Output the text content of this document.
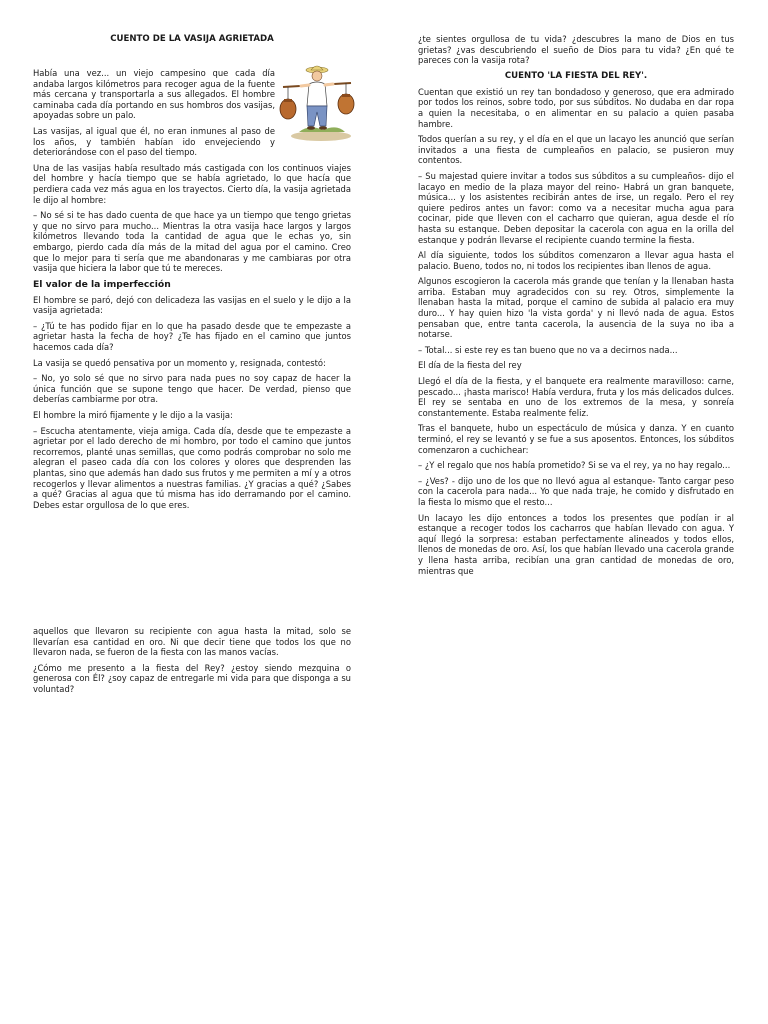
CUENTO DE LA VASIJA AGRIETADA

Había una vez... un viejo campesino que cada día andaba largos kilómetros para recoger agua de la fuente más cercana y transportarla a sus allegados. El hombre caminaba cada día portando en sus hombros dos vasijas, apoyadas sobre un palo.

Las vasijas, al igual que él, no eran inmunes al paso de los años, y también habían ido envejeciendo y deteriorándose con el paso del tiempo.

Una de las vasijas había resultado más castigada con los continuos viajes del hombre y hacía tiempo que se había agrietado, lo que hacía que perdiera cada vez más agua en los trayectos. Cierto día, la vasija agrietada le dijo al hombre:

– No sé si te has dado cuenta de que hace ya un tiempo que tengo grietas y que no sirvo para mucho... Mientras la otra vasija hace largos y largos kilómetros llevando toda la cantidad de agua que le echas yo, sin embargo, pierdo cada día más de la mitad del agua por el camino. Creo que lo mejor para ti sería que me abandonaras y me cambiaras por otra vasija que hiciera la labor que tú te mereces.

El valor de la imperfección

El hombre se paró, dejó con delicadeza las vasijas en el suelo y le dijo a la vasija agrietada:

– ¿Tú te has podido fijar en lo que ha pasado desde que te empezaste a agrietar hasta la fecha de hoy? ¿Te has fijado en el camino que juntos hacemos cada día?

La vasija se quedó pensativa por un momento y, resignada, contestó:

– No, yo solo sé que no sirvo para nada pues no soy capaz de hacer la única función que se supone tengo que hacer. De verdad, pienso que deberías cambiarme por otra.

El hombre la miró fijamente y le dijo a la vasija:

– Escucha atentamente, vieja amiga. Cada día, desde que te empezaste a agrietar por el lado derecho de mi hombro, por todo el camino que juntos recorremos, planté unas semillas, que como podrás comprobar no solo me alegran el paseo cada día con los colores y olores que desprenden las plantas, sino que además han dado sus frutos y me permiten a mí y a otros recogerlos y llevar alimentos a nuestras familias. ¿Y gracias a qué? ¿Sabes a qué? Gracias al agua que tú misma has ido derramando por el camino. Debes estar orgullosa de lo que eres.

¿te sientes orgullosa de tu vida? ¿descubres la mano de Dios en tus grietas? ¿vas descubriendo el sueño de Dios para tu vida? ¿En qué te pareces con la vasija rota?

CUENTO 'LA FIESTA DEL REY'.

Cuentan que existió un rey tan bondadoso y generoso, que era admirado por todos los reinos, sobre todo, por sus súbditos. No dudaba en dar ropa a quien la necesitaba, o en alimentar en su palacio a quien pasaba hambre.

Todos querían a su rey, y el día en el que un lacayo les anunció que serían invitados a una fiesta de cumpleaños en palacio, se pusieron muy contentos.

– Su majestad quiere invitar a todos sus súbditos a su cumpleaños- dijo el lacayo en medio de la plaza mayor del reino- Habrá un gran banquete, música... y los asistentes recibirán antes de irse, un regalo. Pero el rey quiere pediros antes un favor: como va a necesitar mucha agua para cocinar, pide que lleven con el cacharro que quieran, agua desde el río hasta su estanque. Deben depositar la cacerola con agua en la orilla del estanque y podrán llevarse el recipiente cuando termine la fiesta.

Al día siguiente, todos los súbditos comenzaron a llevar agua hasta el palacio. Bueno, todos no, ni todos los recipientes iban llenos de agua.

Algunos escogieron la cacerola más grande que tenían y la llenaban hasta arriba. Estaban muy agradecidos con su rey. Otros, simplemente la llenaban hasta la mitad, porque el camino de subida al palacio era muy duro... Y hay quien hizo 'la vista gorda' y ni llevó nada de agua. Estos pensaban que, entre tanta cacerola, la ausencia de la suya no iba a notarse.

– Total... si este rey es tan bueno que no va a decirnos nada...

El día de la fiesta del rey

Llegó el día de la fiesta, y el banquete era realmente maravilloso: carne, pescado... ¡hasta marisco! Había verdura, fruta y los más delicados dulces. El rey se sentaba en uno de los extremos de la mesa, y sonreía constantemente. Estaba realmente feliz.

Tras el banquete, hubo un espectáculo de música y danza. Y en cuanto terminó, el rey se levantó y se fue a sus aposentos. Entonces, los súbditos comenzaron a cuchichear:

– ¿Y el regalo que nos había prometido? Si se va el rey, ya no hay regalo...

– ¿Ves? - dijo uno de los que no llevó agua al estanque- Tanto cargar peso con la cacerola para nada... Yo que nada traje, he comido y disfrutado en la fiesta lo mismo que el resto...

Un lacayo les dijo entonces a todos los presentes que podían ir al estanque a recoger todos los cacharros que habían llevado con agua. Y aquí llegó la sorpresa: estaban perfectamente alineados y todos ellos, llenos de monedas de oro. Así, los que habían llevado una cacerola grande y llena hasta arriba, recibían una gran cantidad de monedas de oro, mientras que

aquellos que llevaron su recipiente con agua hasta la mitad, solo se llevarían esa cantidad en oro. Ni que decir tiene que todos los que no llevaron nada, se fueron de la fiesta con las manos vacías.

¿Cómo me presento a la fiesta del Rey? ¿estoy siendo mezquina o generosa con Él? ¿soy capaz de entregarle mi vida para que disponga a su voluntad?
